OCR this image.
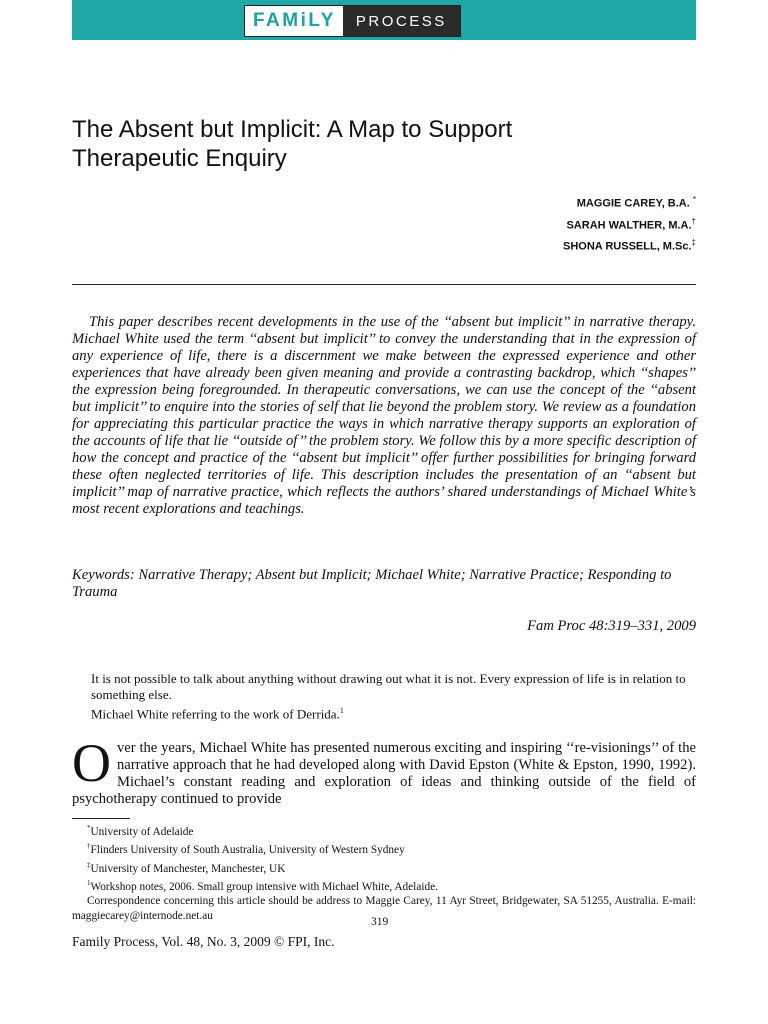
FAMiLY	PROCESS
The Absent but Implicit: A Map to Support Therapeutic Enquiry
MAGGIE CAREY, B.A. *
SARAH WALTHER, M.A.†
SHONA RUSSELL, M.Sc.‡

This paper describes recent developments in the use of the ‘‘absent but implicit’’ in narrative therapy. Michael White used the term ‘‘absent but implicit’’ to convey the understanding that in the expression of any experience of life, there is a discernment we make between the expressed experience and other experiences that have already been given meaning and provide a contrasting backdrop, which ‘‘shapes’’ the expression being foregrounded. In therapeutic conversations, we can use the concept of the ‘‘absent but implicit’’ to enquire into the stories of self that lie beyond the problem story. We review as a foundation for appreciating this particular practice the ways in which narrative therapy supports an exploration of the accounts of life that lie ‘‘outside of’’ the problem story. We follow this by a more specific description of how the concept and practice of the ‘‘absent but implicit’’ offer further possibilities for bringing forward these often neglected territories of life. This description includes the presentation of an ‘‘absent but implicit’’ map of narrative practice, which reflects the authors’ shared understandings of Michael White’s most recent explorations and teachings.

Keywords: Narrative Therapy; Absent but Implicit; Michael White; Narrative Practice; Responding to Trauma

Fam Proc 48:319–331, 2009
It is not possible to talk about anything without drawing out what it is not. Every expression of life is in relation to something else.
Michael White referring to the work of Derrida.$^1$

Over the years, Michael White has presented numerous exciting and inspiring ‘‘re-visionings’’ of the narrative approach that he had developed along with David Epston (White & Epston, 1990, 1992). Michael’s constant reading and exploration of ideas and thinking outside of the field of psychotherapy continued to provide

*University of Adelaide
†Flinders University of South Australia, University of Western Sydney
‡University of Manchester, Manchester, UK
$^1$Workshop notes, 2006. Small group intensive with Michael White, Adelaide.
Correspondence concerning this article should be address to Maggie Carey, 11 Ayr Street, Bridgewater, SA 51255, Australia. E-mail: maggiecarey@internode.net.au
319
Family Process, Vol. 48, No. 3, 2009 © FPI, Inc.
